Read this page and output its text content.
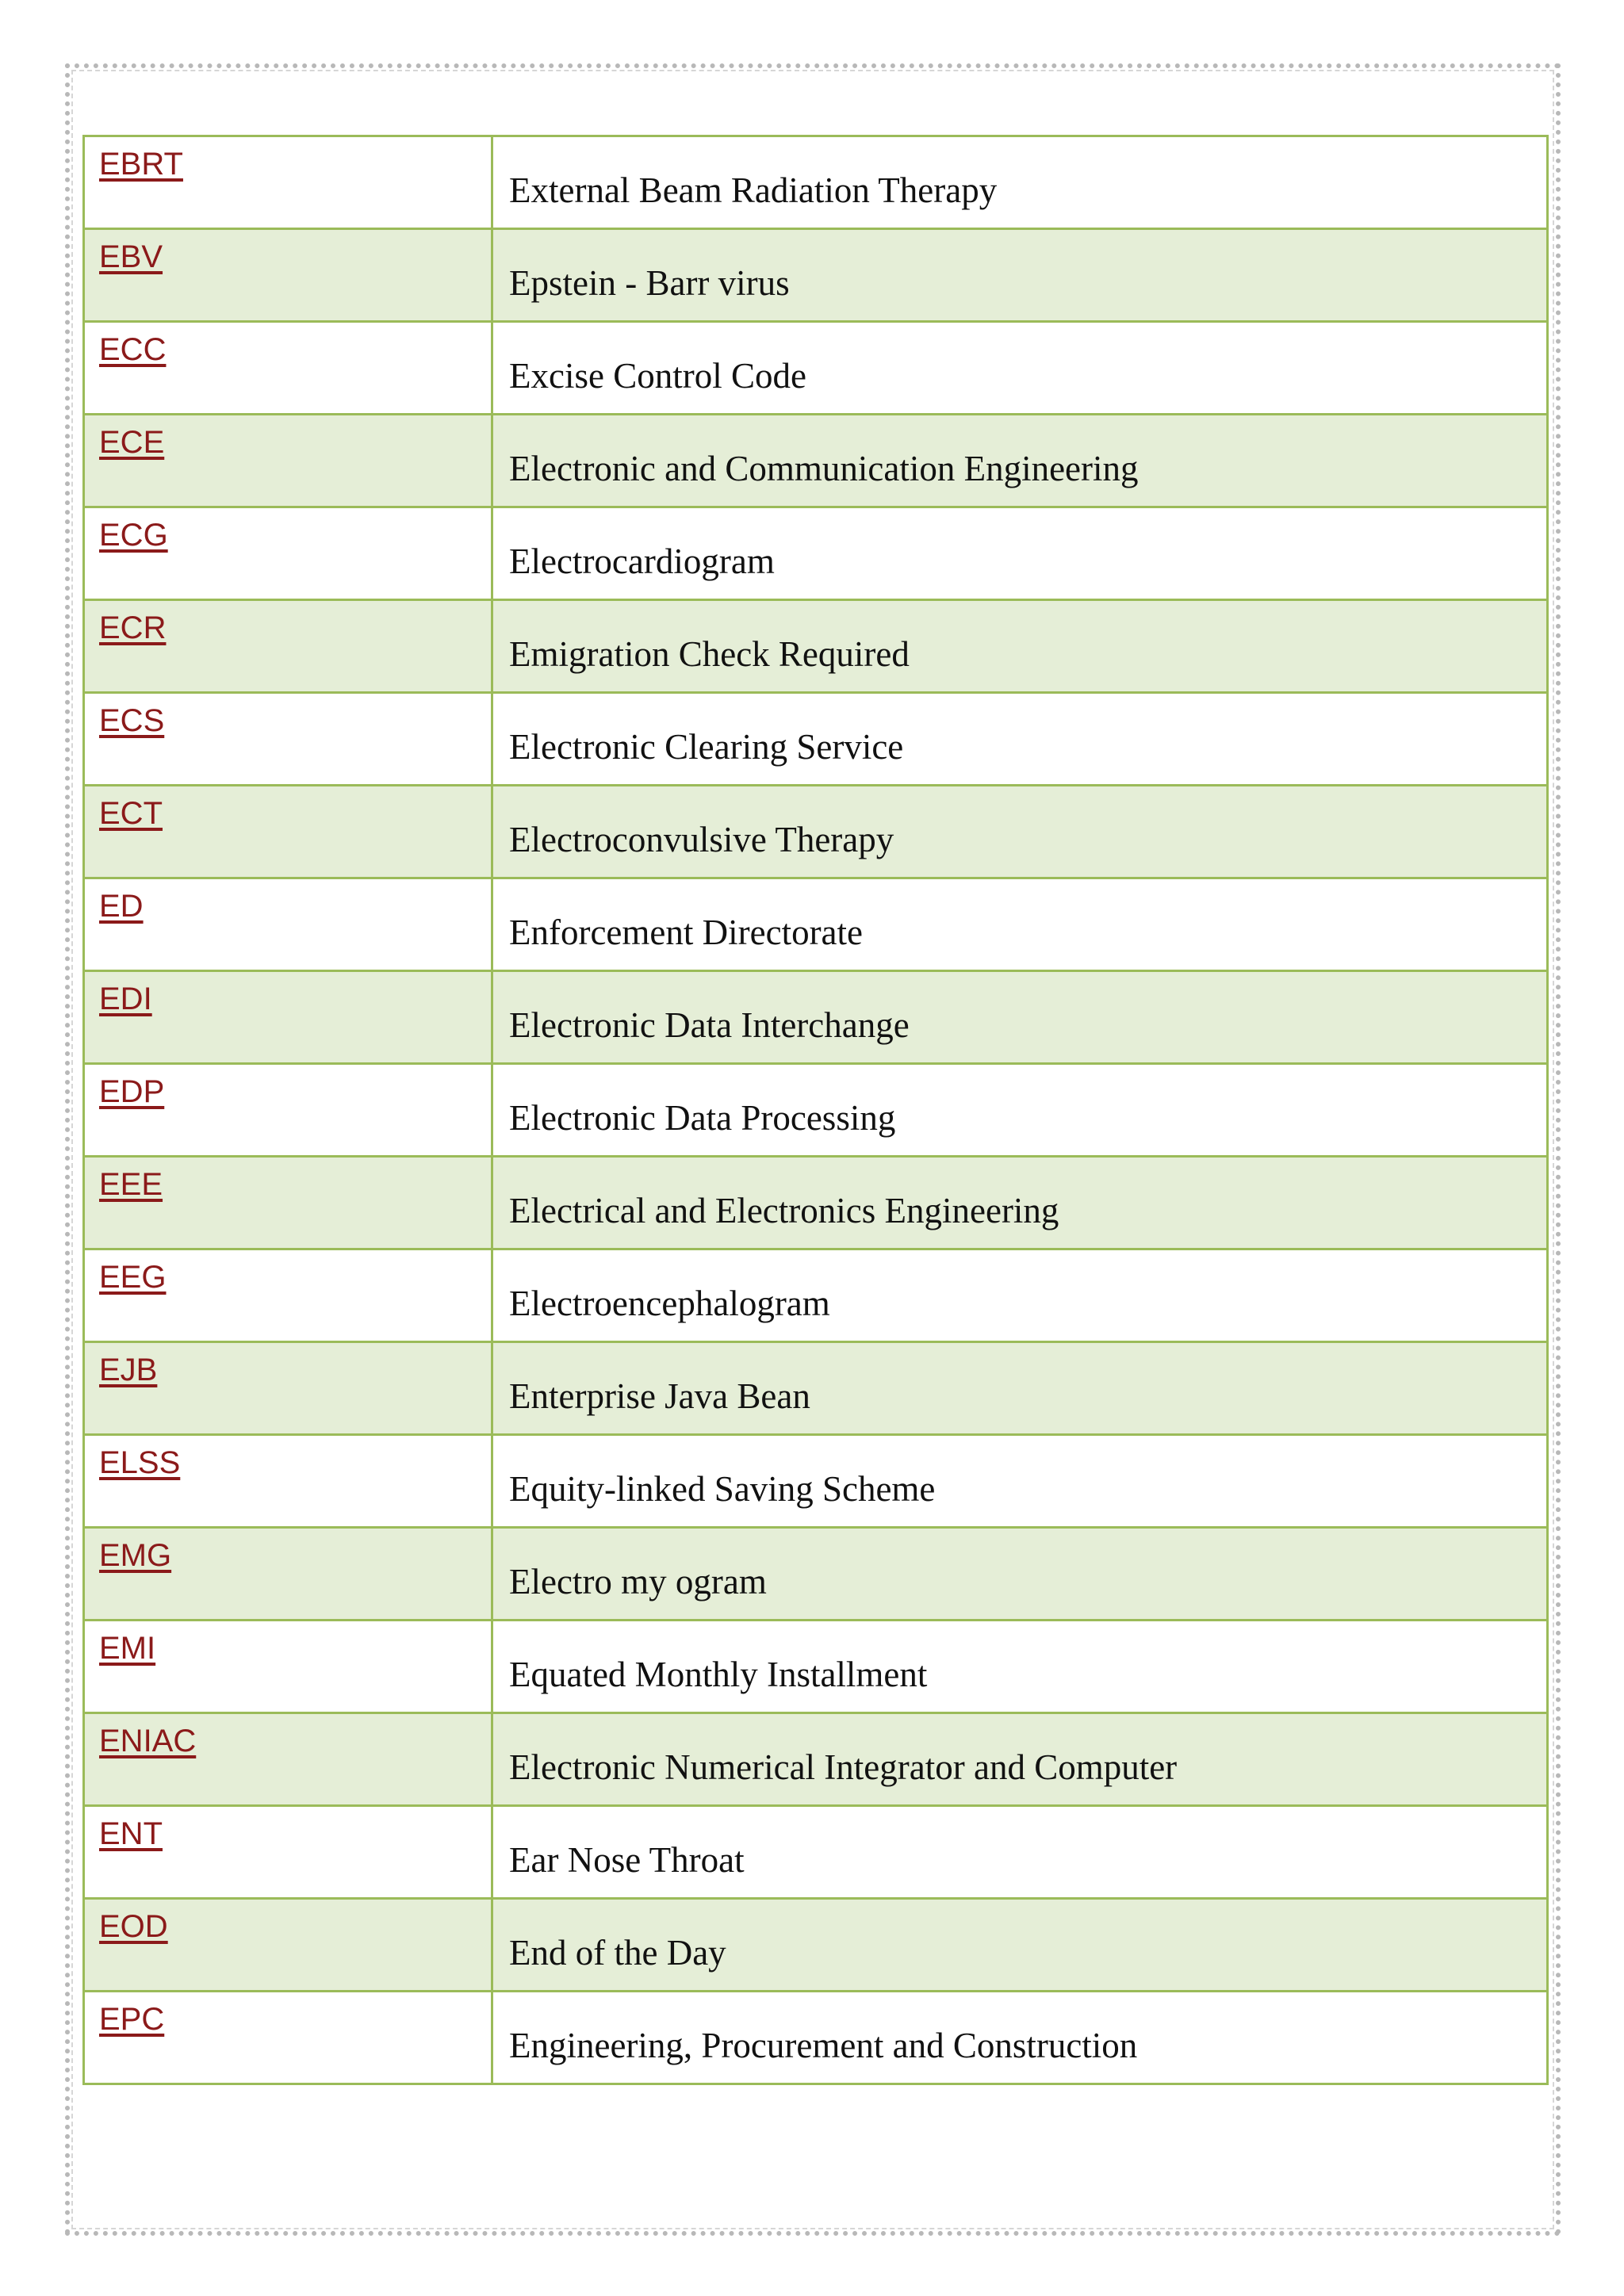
EBRT	External Beam Radiation Therapy
EBV	Epstein - Barr virus
ECC	Excise Control Code
ECE	Electronic and Communication Engineering
ECG	Electrocardiogram
ECR	Emigration Check Required
ECS	Electronic Clearing Service
ECT	Electroconvulsive Therapy
ED	Enforcement Directorate
EDI	Electronic Data Interchange
EDP	Electronic Data Processing
EEE	Electrical and Electronics Engineering
EEG	Electroencephalogram
EJB	Enterprise Java Bean
ELSS	Equity-linked Saving Scheme
EMG	Electro my ogram
EMI	Equated Monthly Installment
ENIAC	Electronic Numerical Integrator and Computer
ENT	Ear Nose Throat
EOD	End of the Day
EPC	Engineering, Procurement and Construction
